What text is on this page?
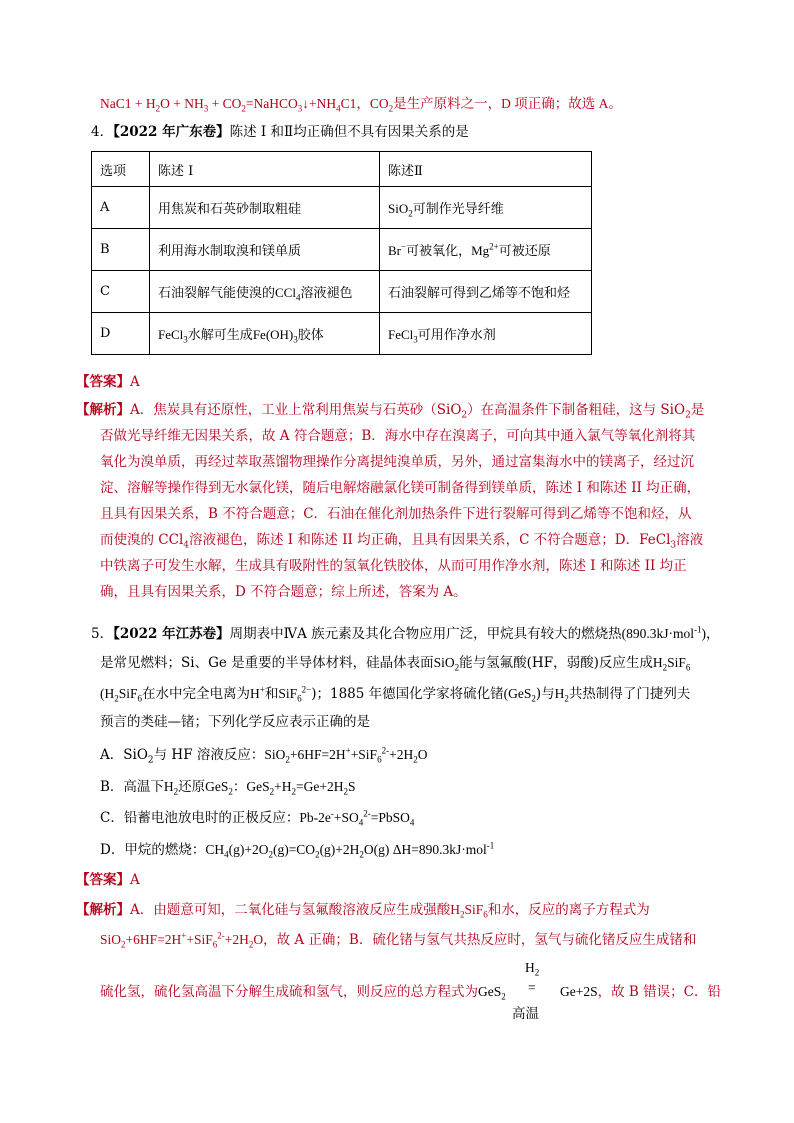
$NaC1 + H_2O + NH_3$ + $CO_2=NaHCO_3↓+NH_4C1$，$CO_2$是生产原料之一，D 项正确；故选 A。
4．【2022 年广东卷】陈述 I 和Ⅱ均正确但不具有因果关系的是
选项	陈述 I	陈述Ⅱ
A	用焦炭和石英砂制取粗硅	SiO$_2$可制作光导纤维
B	利用海水制取溴和镁单质	Br−可被氧化，$Mg^{2+}$可被还原
C	石油裂解气能使溴的CCl$_4$溶液褪色	石油裂解可得到乙烯等不饱和烃
D	FeCl$_3$水解可生成$Fe(OH)_3$胶体	FeCl$_3$可用作净水剂
【答案】A
【解析】A．焦炭具有还原性，工业上常利用焦炭与石英砂（SiO$_2$）在高温条件下制备粗硅，这与 SiO$_2$是
否做光导纤维无因果关系，故 A 符合题意；B．海水中存在溴离子，可向其中通入氯气等氧化剂将其
氧化为溴单质，再经过萃取蒸馏物理操作分离提纯溴单质，另外，通过富集海水中的镁离子，经过沉
淀、溶解等操作得到无水氯化镁，随后电解熔融氯化镁可制备得到镁单质，陈述 I 和陈述 II 均正确，
且具有因果关系，B 不符合题意；C．石油在催化剂加热条件下进行裂解可得到乙烯等不饱和烃，从
而使溴的 CCl$_4$溶液褪色，陈述 I 和陈述 II 均正确，且具有因果关系，C 不符合题意；D．FeCl$_3$溶液
中铁离子可发生水解，生成具有吸附性的氢氧化铁胶体，从而可用作净水剂，陈述 I 和陈述 II 均正
确，且具有因果关系，D 不符合题意；综上所述，答案为 A。
5．【2022 年江苏卷】周期表中ⅣA 族元素及其化合物应用广泛，甲烷具有较大的燃烧热(890.3kJ·mol$^{-1}$)，
是常见燃料；Si、Ge 是重要的半导体材料，硅晶体表面SiO$_2$能与氢氟酸(HF，弱酸)反应生成$H_2SiF_6$
($H_2SiF_6$在水中完全电离为H+和SiF$_6^{2-}$)；1885 年德国化学家将硫化锗(GeS$_2$)与$H_2$共热制得了门捷列夫
预言的类硅—锗；下列化学反应表示正确的是
A．SiO$_2$与 HF 溶液反应：$SiO_2+6HF=2H^++SiF_6^{2-}+2H_2O$
B．高温下$H_2$还原GeS$_2$：$GeS_2+H_2=Ge+2H_2S$
C．铅蓄电池放电时的正极反应：$Pb-2e^-+SO_4^{2-}=PbSO_4$
D．甲烷的燃烧：$CH_4(g)+2O_2(g)=CO_2(g)+2H_2O(g)$ ΔH=890.3kJ·mol$^{-1}$
【答案】A
【解析】A．由题意可知，二氧化硅与氢氟酸溶液反应生成强酸$H_2SiF_6$和水，反应的离子方程式为
$SiO_2+6HF=2H^++SiF_6^{2-}+2H_2O$，故 A 正确；B．硫化锗与氢气共热反应时，氢气与硫化锗反应生成锗和
硫化氢，硫化氢高温下分解生成硫和氢气，则反应的总方程式为GeS$_2$
$H_2$
=
高温
Ge+2S，故 B 错误；C．铅
